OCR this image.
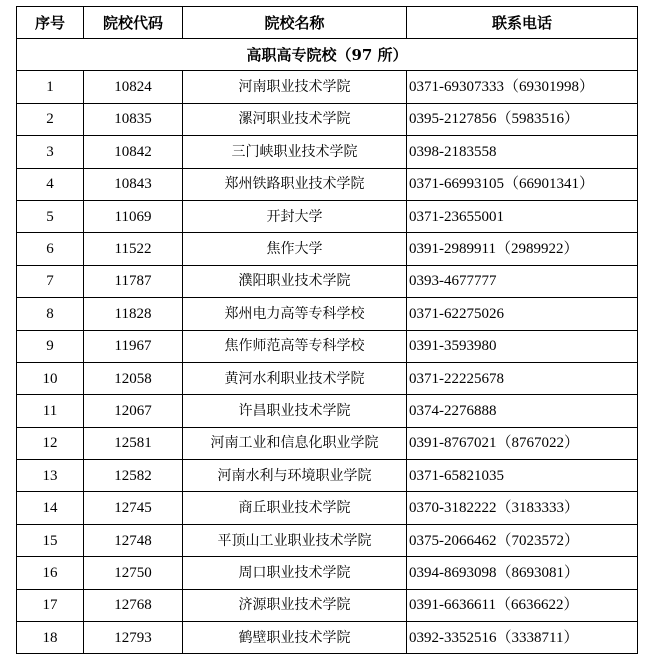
序号	院校代码	院校名称	联系电话
高职高专院校（97 所）			
1	10824	河南职业技术学院	0371-69307333（69301998）
2	10835	漯河职业技术学院	0395-2127856（5983516）
3	10842	三门峡职业技术学院	0398-2183558
4	10843	郑州铁路职业技术学院	0371-66993105（66901341）
5	11069	开封大学	0371-23655001
6	11522	焦作大学	0391-2989911（2989922）
7	11787	濮阳职业技术学院	0393-4677777
8	11828	郑州电力高等专科学校	0371-62275026
9	11967	焦作师范高等专科学校	0391-3593980
10	12058	黄河水利职业技术学院	0371-22225678
11	12067	许昌职业技术学院	0374-2276888
12	12581	河南工业和信息化职业学院	0391-8767021（8767022）
13	12582	河南水利与环境职业学院	0371-65821035
14	12745	商丘职业技术学院	0370-3182222（3183333）
15	12748	平顶山工业职业技术学院	0375-2066462（7023572）
16	12750	周口职业技术学院	0394-8693098（8693081）
17	12768	济源职业技术学院	0391-6636611（6636622）
18	12793	鹤壁职业技术学院	0392-3352516（3338711）
